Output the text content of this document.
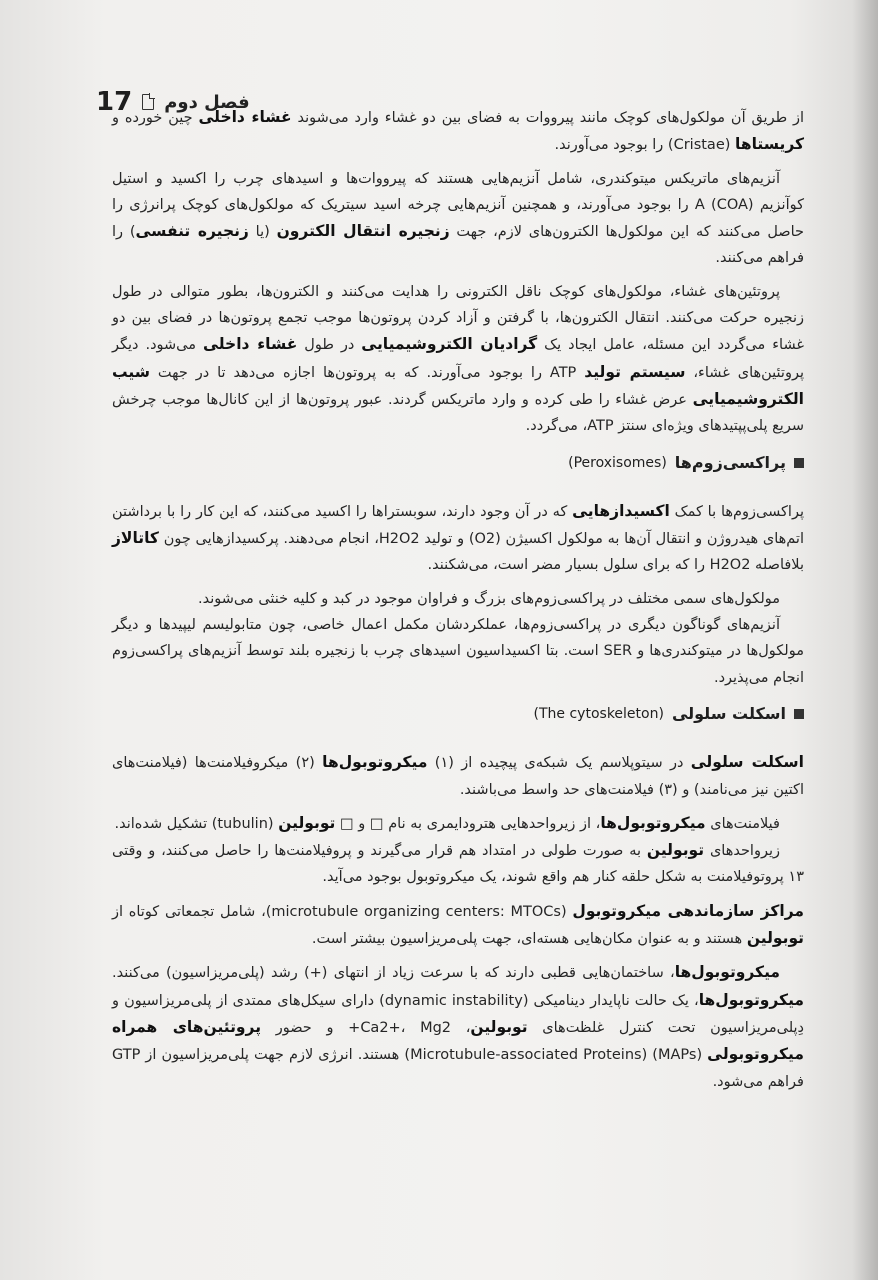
17 فصل دوم

از طریق آن مولکول‌های کوچک مانند پیرووات به فضای بین دو غشاء وارد می‌شوند غشاء داخلی چین خورده و کریستاها (Cristae) را بوجود می‌آورند.

آنزیم‌های ماتریکس میتوکندری، شامل آنزیم‌هایی هستند که پیرووات‌ها و اسیدهای چرب را اکسید و استیل کوآنزیم A (COA) را بوجود می‌آورند، و همچنین آنزیم‌هایی چرخه اسید سیتریک که مولکول‌های کوچک پرانرژی را حاصل می‌کنند که این مولکول‌ها الکترون‌های لازم، جهت زنجیره انتقال الکترون (یا زنجیره تنفسی) را فراهم می‌کنند.

پروتئین‌های غشاء، مولکول‌های کوچک ناقل الکترونی را هدایت می‌کنند و الکترون‌ها، بطور متوالی در طول زنجیره حرکت می‌کنند. انتقال الکترون‌ها، با گرفتن و آزاد کردن پروتون‌ها موجب تجمع پروتون‌ها در فضای بین دو غشاء می‌گردد این مسئله، عامل ایجاد یک گرادیان الکتروشیمیایی در طول غشاء داخلی می‌شود. دیگر پروتئین‌های غشاء، سیستم تولید ATP را بوجود می‌آورند. که به پروتون‌ها اجازه می‌دهد تا در جهت شیب الکتروشیمیایی عرض غشاء را طی کرده و وارد ماتریکس گردند. عبور پروتون‌ها از این کانال‌ها موجب چرخش سریع پلی‌پپتیدهای ویژه‌ای سنتز ATP، می‌گردد.

پراکسی‌زوم‌ها
(Peroxisomes)

پراکسی‌زوم‌ها با کمک اکسیدازهایی که در آن وجود دارند، سوبستراها را اکسید می‌کنند، که این کار را با برداشتن اتم‌های هیدروژن و انتقال آن‌ها به مولکول اکسیژن (O2) و تولید H2O2، انجام می‌دهند. پرکسیدازهایی چون کاتالاز بلافاصله H2O2 را که برای سلول بسیار مضر است، می‌شکنند.

مولکول‌های سمی مختلف در پراکسی‌زوم‌های بزرگ و فراوان موجود در کبد و کلیه خنثی می‌شوند.

آنزیم‌های گوناگون دیگری در پراکسی‌زوم‌ها، عملکردشان مکمل اعمال خاصی، چون متابولیسم لیپیدها و دیگر مولکول‌ها در میتوکندری‌ها و SER است. بتا اکسیداسیون اسیدهای چرب با زنجیره بلند توسط آنزیم‌های پراکسی‌زوم انجام می‌پذیرد.

اسکلت سلولی
(The cytoskeleton)

اسکلت سلولی در سیتوپلاسم یک شبکه‌ی پیچیده از (۱) میکروتوبول‌ها (۲) میکروفیلامنت‌ها (فیلامنت‌های اکتین نیز می‌نامند) و (۳) فیلامنت‌های حد واسط می‌باشند.

فیلامنت‌های میکروتوبول‌ها، از زیرواحدهایی هترودایمری به نام □ و □ توبولین (tubulin) تشکیل شده‌اند.

زیرواحدهای توبولین به صورت طولی در امتداد هم قرار می‌گیرند و پروفیلامنت‌ها را حاصل می‌کنند، و وقتی ۱۳ پروتوفیلامنت به شکل حلقه کنار هم واقع شوند، یک میکروتوبول بوجود می‌آید.

مراکز سازماندهی میکروتوبول (microtubule organizing centers: MTOCs)، شامل تجمعاتی کوتاه از توبولین هستند و به عنوان مکان‌هایی هسته‌ای، جهت پلی‌مریزاسیون بیشتر است.

میکروتوبول‌ها، ساختمان‌هایی قطبی دارند که با سرعت زیاد از انتهای (+) رشد (پلی‌مریزاسیون) می‌کنند. میکروتوبول‌ها، یک حالت ناپایدار دینامیکی (dynamic instability) دارای سیکل‌های ممتدی از پلی‌مریزاسیون و دِپلی‌مریزاسیون تحت کنترل غلظت‌های توبولین، Ca2+، Mg2+ و حضور پروتئین‌های همراه میکروتوبولی (MAPs) (Microtubule-associated Proteins) هستند. انرژی لازم جهت پلی‌مریزاسیون از GTP فراهم می‌شود.
